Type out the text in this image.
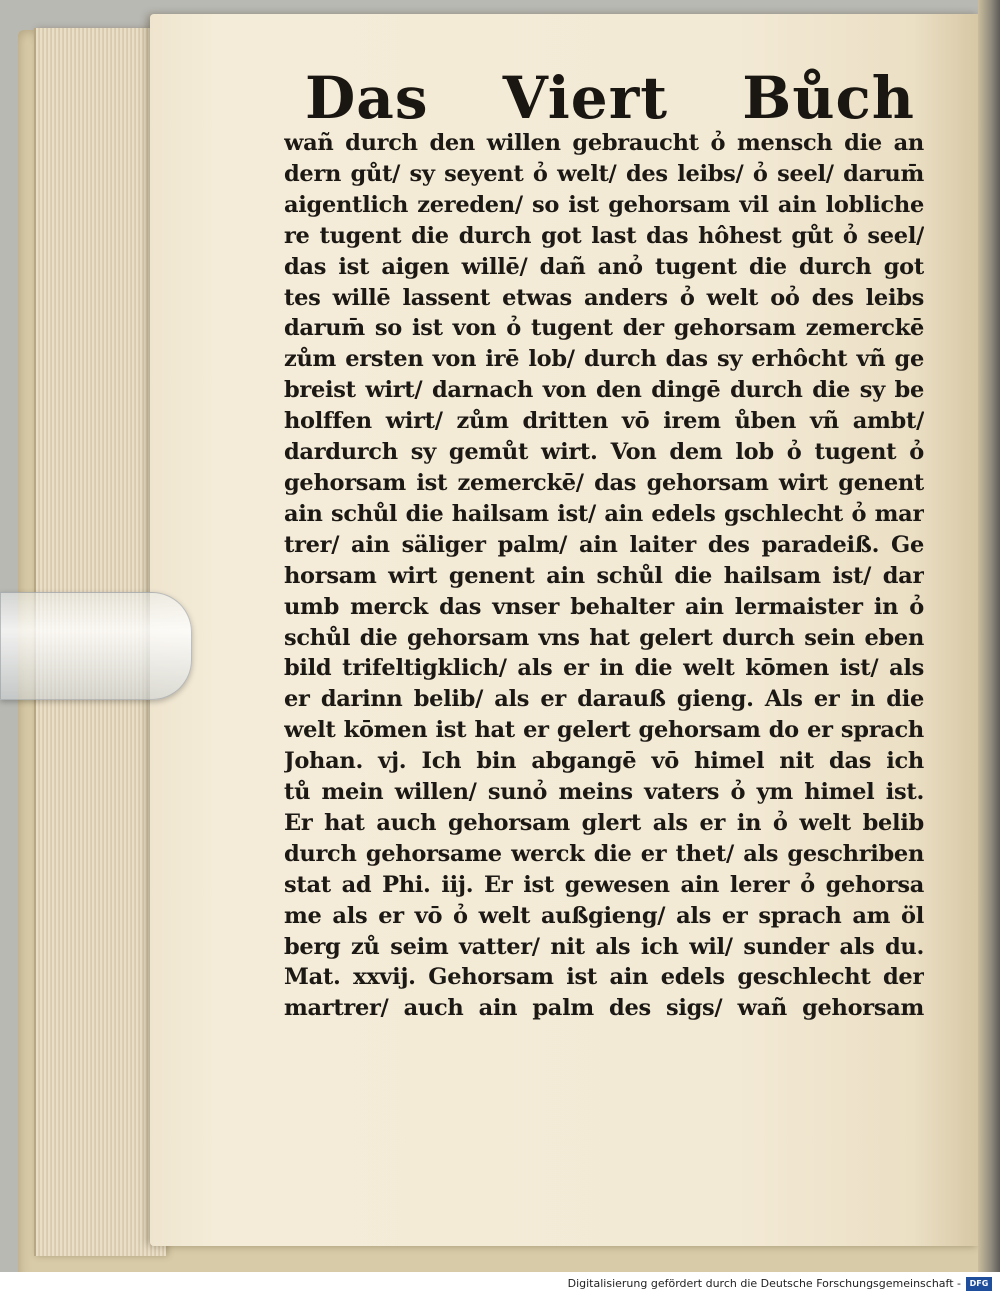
Das Viert Bůch
wañ durch den willen gebraucht ỏ mensch die an
dern gůt/ sy seyent ỏ welt/ des leibs/ ỏ seel/ darum̄
aigentlich zereden/ so ist gehorsam vil ain lobliche
re tugent die durch got last das hôhest gůt ỏ seel/
das ist aigen willē/ dañ anỏ tugent die durch got
tes willē lassent etwas anders ỏ welt oỏ des leibs
darum̄ so ist von ỏ tugent der gehorsam zemerckē
zům ersten von irē lob/ durch das sy erhôcht vñ ge
breist wirt/ darnach von den dingē durch die sy be
holffen wirt/ zům dritten vō irem ůben vñ ambt/
dardurch sy gemůt wirt. Von dem lob ỏ tugent ỏ
gehorsam ist zemerckē/ das gehorsam wirt genent
ain schůl die hailsam ist/ ain edels gschlecht ỏ mar
trer/ ain säliger palm/ ain laiter des paradeiß. Ge
horsam wirt genent ain schůl die hailsam ist/ dar
umb merck das vnser behalter ain lermaister in ỏ
schůl die gehorsam vns hat gelert durch sein eben
bild trifeltigklich/ als er in die welt kōmen ist/ als
er darinn belib/ als er darauß gieng. Als er in die
welt kōmen ist hat er gelert gehorsam do er sprach
Johan. vj. Ich bin abgangē vō himel nit das ich
tů mein willen/ sunỏ meins vaters ỏ ym himel ist.
Er hat auch gehorsam glert als er in ỏ welt belib
durch gehorsame werck die er thet/ als geschriben
stat ad Phi. iij. Er ist gewesen ain lerer ỏ gehorsa
me als er vō ỏ welt außgieng/ als er sprach am öl
berg zů seim vatter/ nit als ich wil/ sunder als du.
Mat. xxvij. Gehorsam ist ain edels geschlecht der
martrer/ auch ain palm des sigs/ wañ gehorsam
Digitalisierung gefördert durch die Deutsche Forschungsgemeinschaft -	DFG
